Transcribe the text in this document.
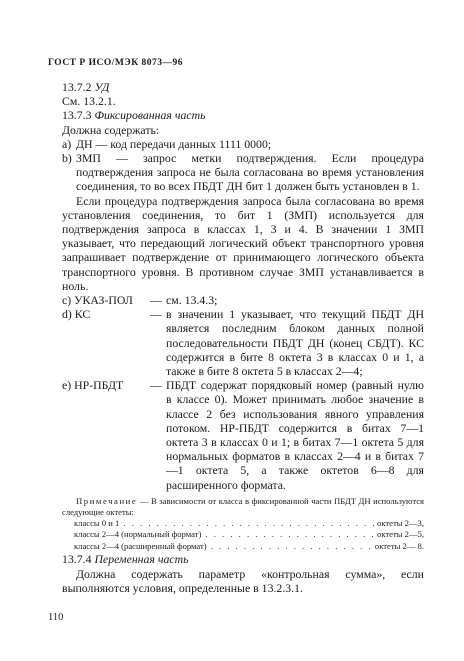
ГОСТ Р ИСО/МЭК 8073—96

13.7.2 УД

См. 13.2.1.

13.7.3 Фиксированная часть

Должна содержать:

а) ДН — код передачи данных 1111 0000;
b) ЗМП — запрос метки подтверждения. Если процедура подтверждения запроса не была согласована во время установления соединения, то во всех ПБДТ ДН бит 1 должен быть установлен в 1.

Если процедура подтверждения запроса была согласована во время установления соединения, то бит 1 (ЗМП) используется для подтверждения запроса в классах 1, 3 и 4. В значении 1 ЗМП указывает, что передающий логический объект транспортного уровня запрашивает подтверждение от принимающего логического объекта транспортного уровня. В противном случае ЗМП устанавливается в ноль.

с) УКАЗ-ПОЛ	— см. 13.4.3;
d) КС	— в значении 1 указывает, что текущий ПБДТ ДН является последним блоком данных полной последовательности ПБДТ ДН (конец СБДТ). КС содержится в бите 8 октета 3 в классах 0 и 1, а также в бите 8 октета 5 в классах 2—4;
е) НР-ПБДТ	— ПБДТ содержат порядковый номер (равный нулю в классе 0). Может принимать любое значение в классе 2 без использования явного управления потоком. НР-ПБДТ содержится в битах 7—1 октета 3 в классах 0 и 1; в битах 7—1 октета 5 для нормальных форматов в классах 2—4 и в битах 7—1 октета 5, а также октетов 6—8 для расширенного формата.

Примечание — В зависимости от класса в фиксированной части ПБДТ ДН используются следующие октеты:

классы 0 и 1 . . .	октеты 2—3,
классы 2—4 (нормальный формат) . . .	октеты 2—5,
классы 2—4 (расширенный формат) . . .	октеты 2— 8.

13.7.4 Переменная часть

Должна содержать параметр «контрольная сумма», если выполняются условия, определенные в 13.2.3.1.

110
